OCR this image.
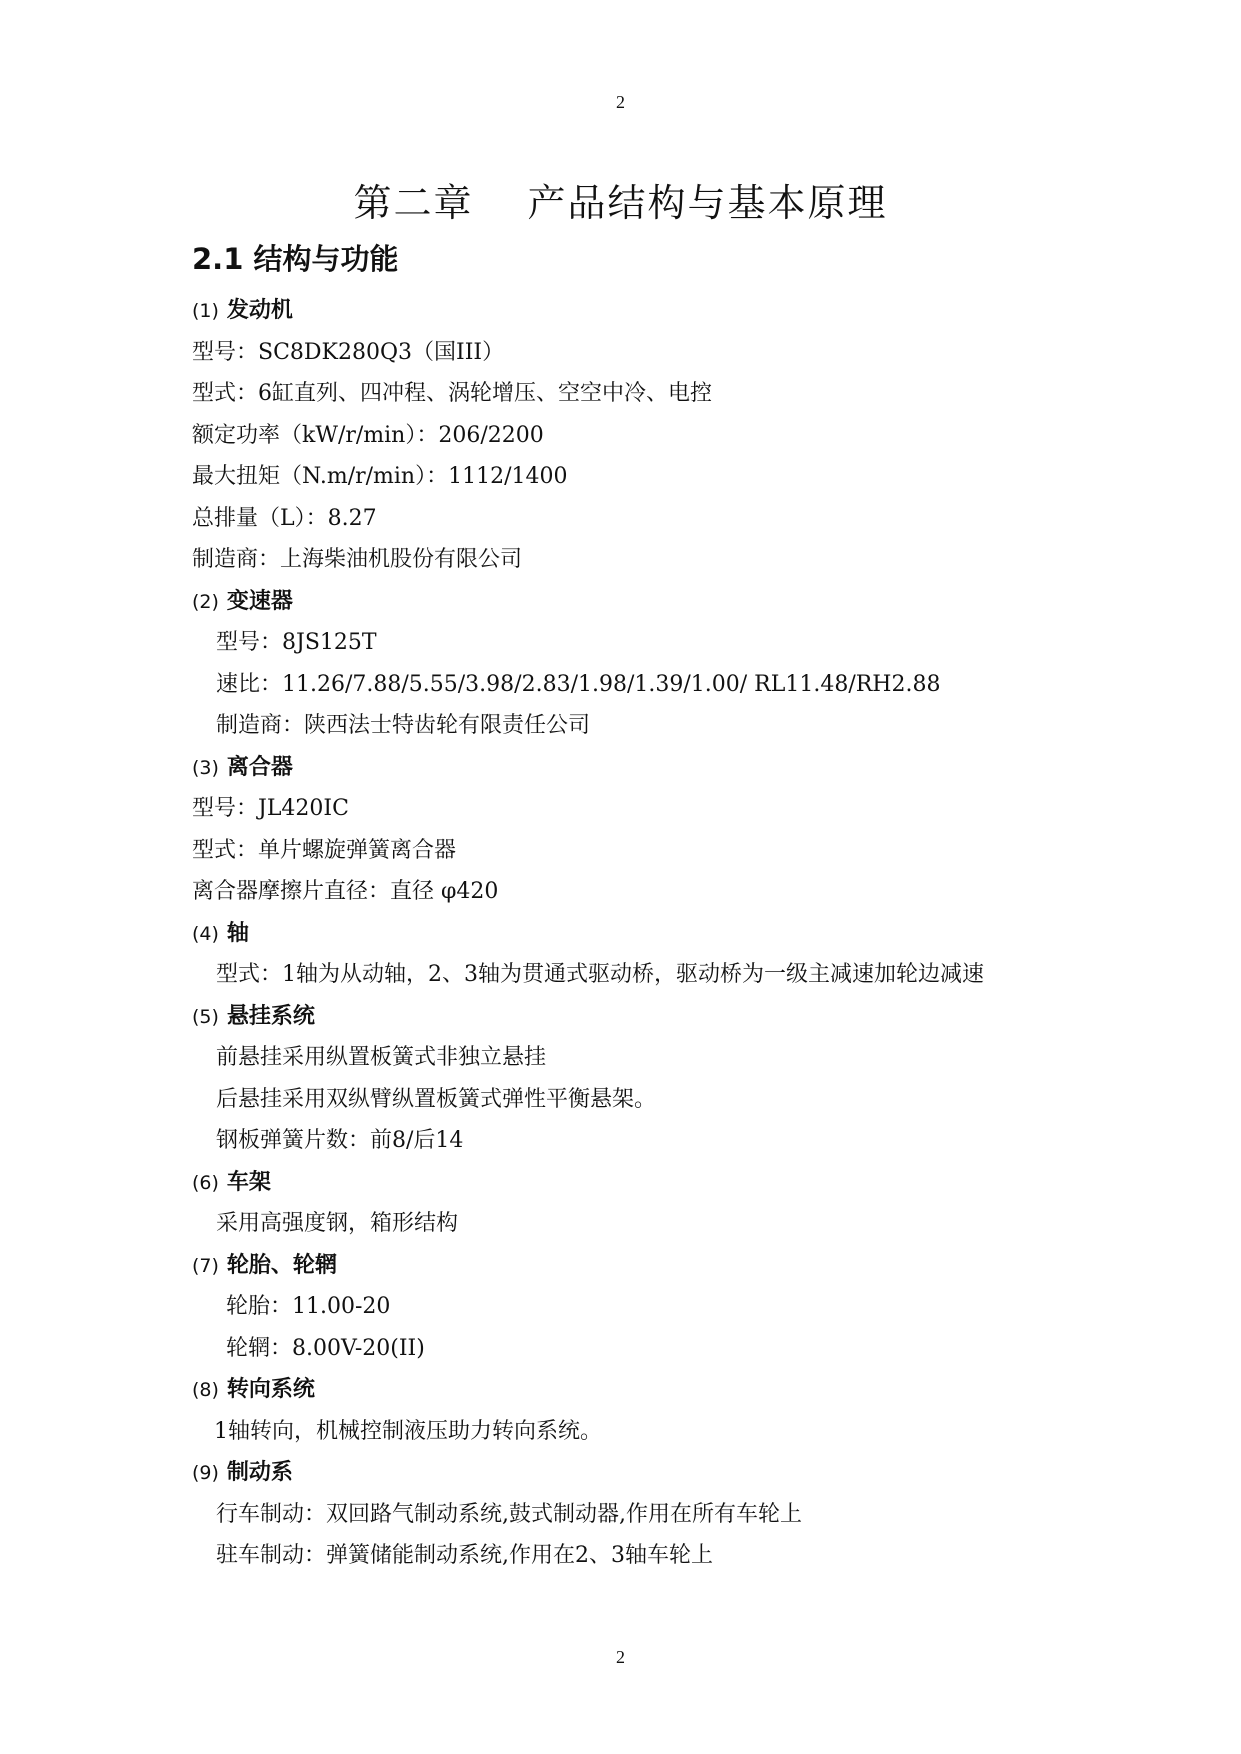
2
第二章　 产品结构与基本原理
2.1 结构与功能
(1) 发动机
型号：SC8DK280Q3（国III）
型式：6缸直列、四冲程、涡轮增压、空空中冷、电控
额定功率（kW/r/min）：206/2200
最大扭矩（N.m/r/min）：1112/1400
总排量（L）：8.27
制造商：上海柴油机股份有限公司
(2) 变速器
型号：8JS125T
速比：11.26/7.88/5.55/3.98/2.83/1.98/1.39/1.00/ RL11.48/RH2.88
制造商：陕西法士特齿轮有限责任公司
(3) 离合器
型号：JL420IC
型式：单片螺旋弹簧离合器
离合器摩擦片直径：直径 φ420
(4) 轴
型式：1轴为从动轴，2、3轴为贯通式驱动桥，驱动桥为一级主减速加轮边减速
(5) 悬挂系统
前悬挂采用纵置板簧式非独立悬挂
后悬挂采用双纵臂纵置板簧式弹性平衡悬架。
钢板弹簧片数：前8/后14
(6) 车架
采用高强度钢，箱形结构
(7) 轮胎、轮辋
轮胎：11.00-20
轮辋：8.00V-20(II)
(8) 转向系统
1轴转向，机械控制液压助力转向系统。
(9) 制动系
行车制动：双回路气制动系统,鼓式制动器,作用在所有车轮上
驻车制动：弹簧储能制动系统,作用在2、3轴车轮上
2
